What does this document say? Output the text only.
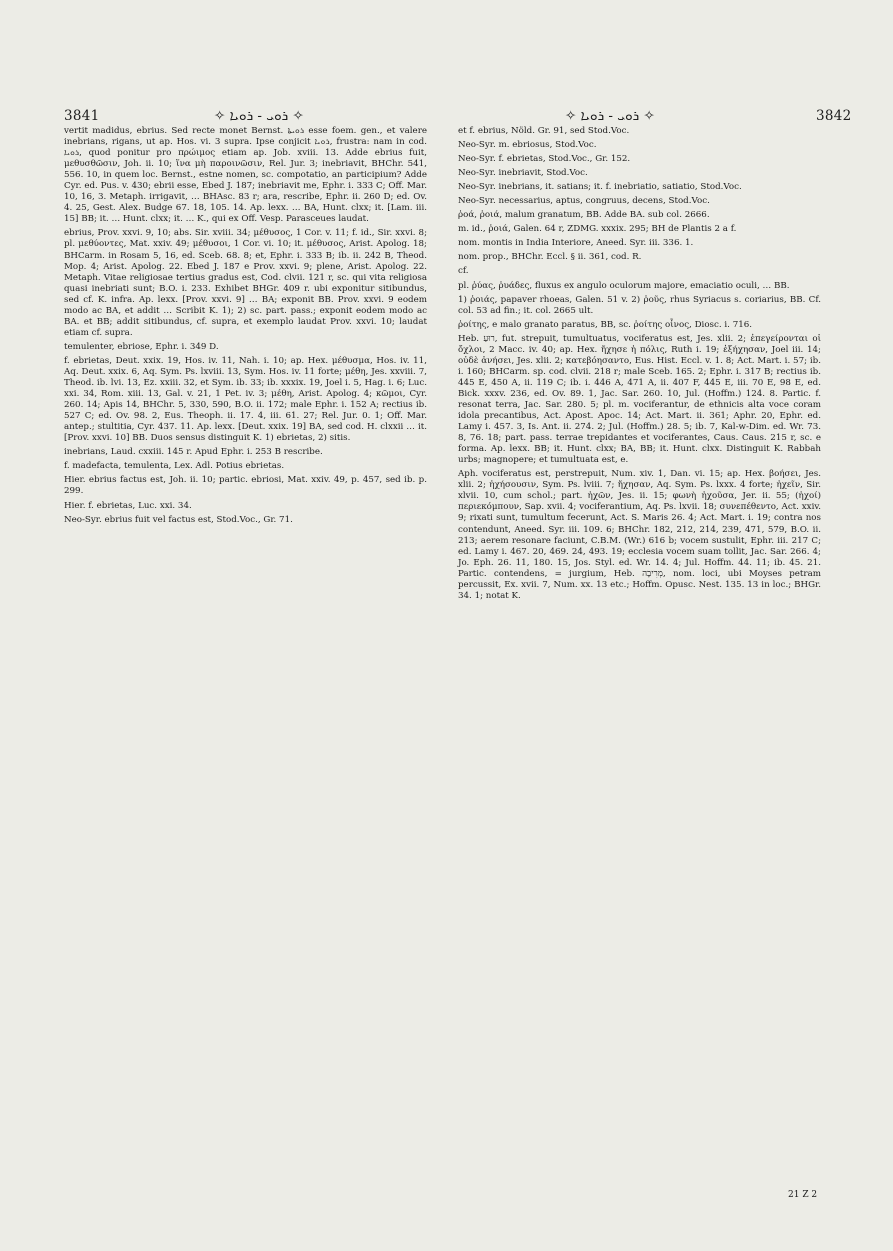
3841	✧ ܪܘܝ - ܪܘܝܐ ✧	✧ ܪܘܝ - ܪܘܝܐ ✧	3842

vertit madidus, ebrius. Sed recte monet Bernst. ܪܘܝܬܐ esse foem. gen., et valere inebrians, rigans, ut ap. Hos. vi. 3 supra. Ipse conjicit ܪܘܝܐ, frustra: nam in cod. ܪܘܝܐ, quod ponitur pro πρώιμος etiam ap. Job. xviii. 13. Adde ebrius fuit, μεθυσθῶσιν, Joh. ii. 10; ἵνα μὴ παροινῶσιν, Rel. Jur. 3; inebriavit, BHChr. 541, 556. 10, in quem loc. Bernst., estne nomen, sc. compotatio, an participium? Adde Cyr. ed. Pus. v. 430; ebrii esse, Ebed J. 187; inebriavit me, Ephr. i. 333 C; Off. Mar. 10, 16, 3. Metaph. irrigavit, … BHAsc. 83 r; ara, rescribe, Ephr. ii. 260 D; ed. Ov. 4. 25, Gest. Alex. Budge 67. 18, 105. 14. Ap. lexx. … BA, Hunt. clxx; it. [Lam. iii. 15] BB; it. … Hunt. clxx; it. … K., qui ex Off. Vesp. Parasceues laudat.

ebrius, Prov. xxvi. 9, 10; abs. Sir. xviii. 34; μέθυσος, 1 Cor. v. 11; f. id., Sir. xxvi. 8; pl. μεθύοντες, Mat. xxiv. 49; μέθυσοι, 1 Cor. vi. 10; it. μέθυσος, Arist. Apolog. 18; BHCarm. in Rosam 5, 16, ed. Sceb. 68. 8; et, Ephr. i. 333 B; ib. ii. 242 B, Theod. Mop. 4; Arist. Apolog. 22. Ebed J. 187 e Prov. xxvi. 9; plene, Arist. Apolog. 22. Metaph. Vitae religiosae tertius gradus est, Cod. clvii. 121 r, sc. qui vita religiosa quasi inebriati sunt; B.O. i. 233. Exhibet BHGr. 409 r. ubi exponitur sitibundus, sed cf. K. infra. Ap. lexx. [Prov. xxvi. 9] … BA; exponit BB. Prov. xxvi. 9 eodem modo ac BA, et addit … Scribit K. 1); 2) sc. part. pass.; exponit eodem modo ac BA. et BB; addit sitibundus, cf. supra, et exemplo laudat Prov. xxvi. 10; laudat etiam cf. supra.

temulenter, ebriose, Ephr. i. 349 D.

f. ebrietas, Deut. xxix. 19, Hos. iv. 11, Nah. i. 10; ap. Hex. μέθυσμα, Hos. iv. 11, Aq. Deut. xxix. 6, Aq. Sym. Ps. lxviii. 13, Sym. Hos. iv. 11 forte; μέθη, Jes. xxviii. 7, Theod. ib. lvi. 13, Ez. xxiii. 32, et Sym. ib. 33; ib. xxxix. 19, Joel i. 5, Hag. i. 6; Luc. xxi. 34, Rom. xiii. 13, Gal. v. 21, 1 Pet. iv. 3; μέθη, Arist. Apolog. 4; κῶμοι, Cyr. 260. 14; Apis 14, BHChr. 5, 330, 590, B.O. ii. 172; male Ephr. i. 152 A; rectius ib. 527 C; ed. Ov. 98. 2, Eus. Theoph. ii. 17. 4, iii. 61. 27; Rel. Jur. 0. 1; Off. Mar. antep.; stultitia, Cyr. 437. 11. Ap. lexx. [Deut. xxix. 19] BA, sed cod. H. clxxii … it. [Prov. xxvi. 10] BB. Duos sensus distinguit K. 1) ebrietas, 2) sitis.

inebrians, Laud. cxxiii. 145 r. Apud Ephr. i. 253 B rescribe.

f. madefacta, temulenta, Lex. Adl. Potius ebrietas.

Hier. ebrius factus est, Joh. ii. 10; partic. ebriosi, Mat. xxiv. 49, p. 457, sed ib. p. 299.

Hier. f. ebrietas, Luc. xxi. 34.

Neo-Syr. ebrius fuit vel factus est, Stod.Voc., Gr. 71.

et f. ebrius, Nöld. Gr. 91, sed Stod.Voc.

Neo-Syr. m. ebriosus, Stod.Voc.

Neo-Syr. f. ebrietas, Stod.Voc., Gr. 152.

Neo-Syr. inebriavit, Stod.Voc.

Neo-Syr. inebrians, it. satians; it. f. inebriatio, satiatio, Stod.Voc.

Neo-Syr. necessarius, aptus, congruus, decens, Stod.Voc.

ῥοά, ῥοιά, malum granatum, BB. Adde BA. sub col. 2666.

m. id., ῥοιά, Galen. 64 r, ZDMG. xxxix. 295; BH de Plantis 2 a f.

nom. montis in India Interiore, Aneed. Syr. iii. 336. 1.

nom. prop., BHChr. Eccl. § ii. 361, cod. R.

cf.

pl. ῥύας, ῥυάδες, fluxus ex angulo oculorum majore, emaciatio oculi, … BB.

1) ῥοιάς, papaver rhoeas, Galen. 51 v. 2) ῥοῦς, rhus Syriacus s. coriarius, BB. Cf. col. 53 ad fin.; it. col. 2665 ult.

ῥοίτης, e malo granato paratus, BB, sc. ῥοίτης οἶνος, Diosc. i. 716.

Heb. רוּעַ, fut. strepuit, tumultuatus, vociferatus est, Jes. xlii. 2; ἐπεγείρονται οἱ ὄχλοι, 2 Macc. iv. 40; ap. Hex. ἤχησε ἡ πόλις, Ruth i. 19; ἐξήχησαν, Joel iii. 14; οὐδὲ ἀνήσει, Jes. xlii. 2; κατεβόησαντο, Eus. Hist. Eccl. v. 1. 8; Act. Mart. i. 57; ib. i. 160; BHCarm. sp. cod. clvii. 218 r; male Sceb. 165. 2; Ephr. i. 317 B; rectius ib. 445 E, 450 A, ii. 119 C; ib. i. 446 A, 471 A, ii. 407 F, 445 E, iii. 70 E, 98 E, ed. Bick. xxxv. 236, ed. Ov. 89. 1, Jac. Sar. 260. 10, Jul. (Hoffm.) 124. 8. Partic. f. resonat terra, Jac. Sar. 280. 5; pl. m. vociferantur, de ethnicis alta voce coram idola precantibus, Act. Apost. Apoc. 14; Act. Mart. ii. 361; Aphr. 20, Ephr. ed. Lamy i. 457. 3, Is. Ant. ii. 274. 2; Jul. (Hoffm.) 28. 5; ib. 7, Kal-w-Dim. ed. Wr. 73. 8, 76. 18; part. pass. terrae trepidantes et vociferantes, Caus. Caus. 215 r, sc. e forma. Ap. lexx. BB; it. Hunt. clxx; BA, BB; it. Hunt. clxx. Distinguit K. Rabbah urbs; magnopere; et tumultuata est, e.

Aph. vociferatus est, perstrepuit, Num. xiv. 1, Dan. vi. 15; ap. Hex. βοήσει, Jes. xlii. 2; ἠχήσουσιν, Sym. Ps. lviii. 7; ἤχησαν, Aq. Sym. Ps. lxxx. 4 forte; ἠχεῖν, Sir. xlvii. 10, cum schol.; part. ἠχῶν, Jes. ii. 15; φωνὴ ἠχοῦσα, Jer. ii. 55; (ἠχοί) περιεκόμπουν, Sap. xvii. 4; vociferantium, Aq. Ps. lxvii. 18; συνεπέθεντο, Act. xxiv. 9; rixati sunt, tumultum fecerunt, Act. S. Maris 26. 4; Act. Mart. i. 19; contra nos contendunt, Aneed. Syr. iii. 109. 6; BHChr. 182, 212, 214, 239, 471, 579, B.O. ii. 213; aerem resonare faciunt, C.B.M. (Wr.) 616 b; vocem sustulit, Ephr. iii. 217 C; ed. Lamy i. 467. 20, 469. 24, 493. 19; ecclesia vocem suam tollit, Jac. Sar. 266. 4; Jo. Eph. 26. 11, 180. 15, Jos. Styl. ed. Wr. 14. 4; Jul. Hoffm. 44. 11; ib. 45. 21. Partic. contendens, = jurgium, Heb. מְרִיבָה, nom. loci, ubi Moyses petram percussit, Ex. xvii. 7, Num. xx. 13 etc.; Hoffm. Opusc. Nest. 135. 13 in loc.; BHGr. 34. 1; notat K.

21 Z 2
